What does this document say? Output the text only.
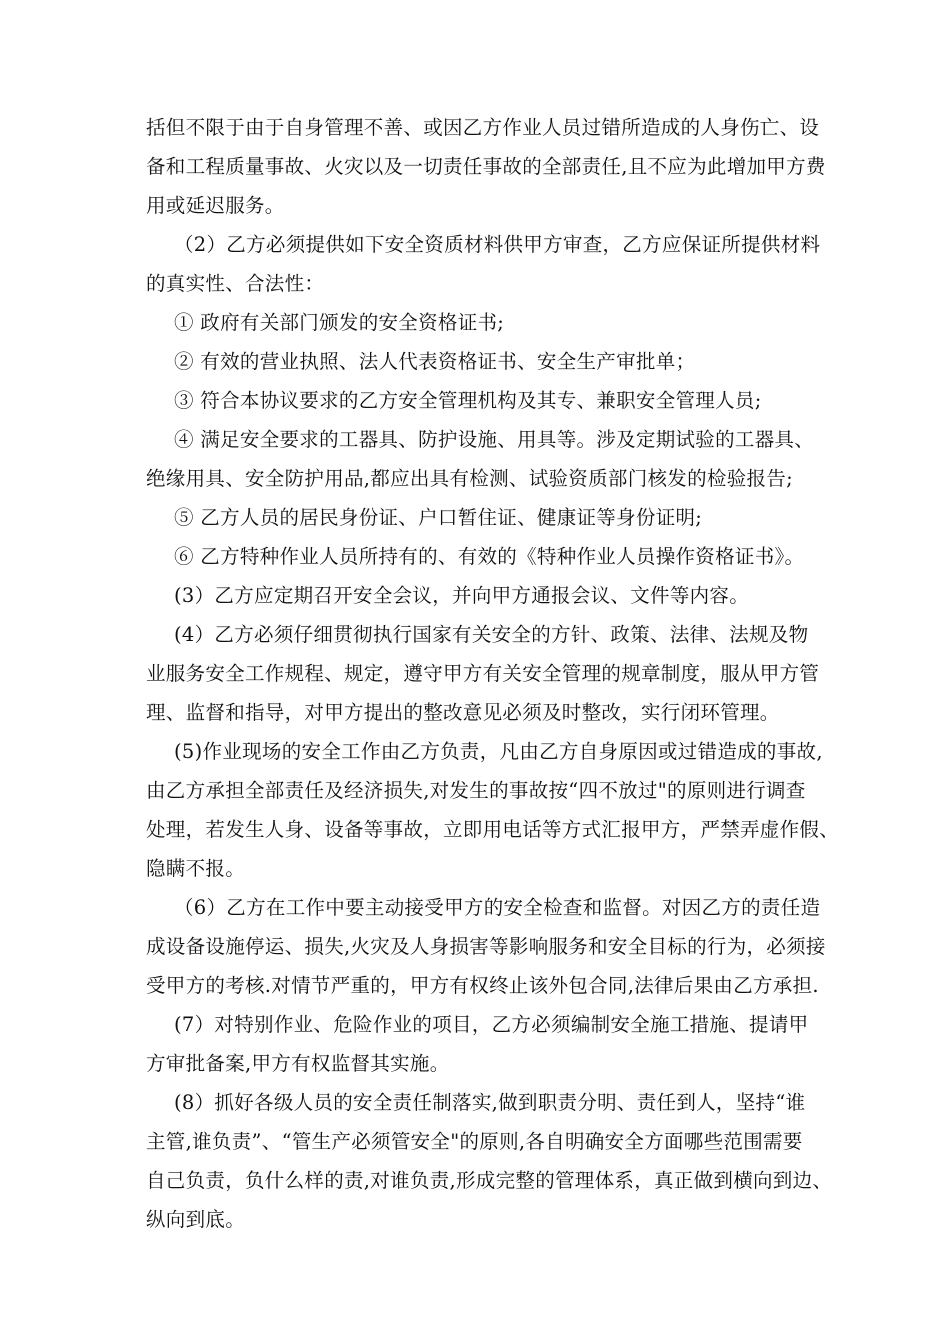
括但不限于由于自身管理不善、或因乙方作业人员过错所造成的人身伤亡、设
备和工程质量事故、火灾以及一切责任事故的全部责任,且不应为此增加甲方费
用或延迟服务。
（2）乙方必须提供如下安全资质材料供甲方审查，乙方应保证所提供材料
的真实性、合法性：
① 政府有关部门颁发的安全资格证书;
② 有效的营业执照、法人代表资格证书、安全生产审批单；
③ 符合本协议要求的乙方安全管理机构及其专、兼职安全管理人员;
④ 满足安全要求的工器具、防护设施、用具等。涉及定期试验的工器具、
绝缘用具、安全防护用品,都应出具有检测、试验资质部门核发的检验报告;
⑤ 乙方人员的居民身份证、户口暂住证、健康证等身份证明;
⑥ 乙方特种作业人员所持有的、有效的《特种作业人员操作资格证书》。
(3）乙方应定期召开安全会议，并向甲方通报会议、文件等内容。
(4）乙方必须仔细贯彻执行国家有关安全的方针、政策、法律、法规及物
业服务安全工作规程、规定，遵守甲方有关安全管理的规章制度，服从甲方管
理、监督和指导，对甲方提出的整改意见必须及时整改，实行闭环管理。
(5)作业现场的安全工作由乙方负责，凡由乙方自身原因或过错造成的事故,
由乙方承担全部责任及经济损失,对发生的事故按“四不放过"的原则进行调查
处理，若发生人身、设备等事故，立即用电话等方式汇报甲方，严禁弄虚作假、
隐瞒不报。
（6）乙方在工作中要主动接受甲方的安全检查和监督。对因乙方的责任造
成设备设施停运、损失,火灾及人身损害等影响服务和安全目标的行为，必须接
受甲方的考核.对情节严重的，甲方有权终止该外包合同,法律后果由乙方承担.
(7）对特别作业、危险作业的项目，乙方必须编制安全施工措施、提请甲
方审批备案,甲方有权监督其实施。
(8）抓好各级人员的安全责任制落实,做到职责分明、责任到人，坚持“谁
主管,谁负责”、“管生产必须管安全"的原则,各自明确安全方面哪些范围需要
自己负责，负什么样的责,对谁负责,形成完整的管理体系，真正做到横向到边、
纵向到底。
